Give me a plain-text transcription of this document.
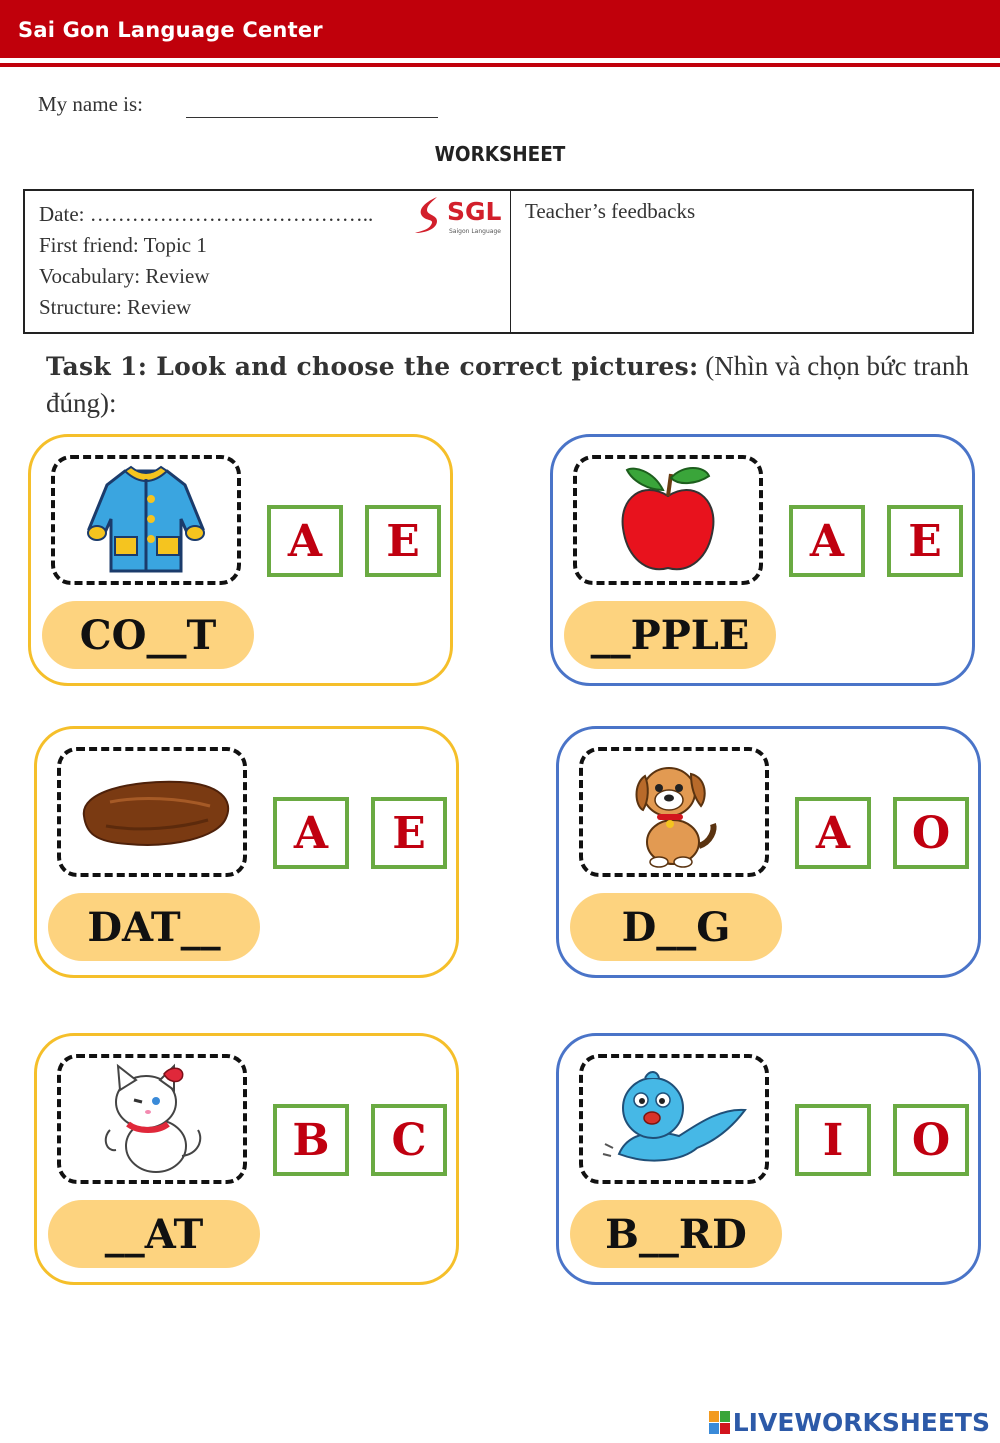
Sai Gon Language Center
My name is:
WORKSHEET
Date: …………………………………..
First friend: Topic 1
Vocabulary: Review
Structure: Review
SGL
Saigon Language
Teacher’s feedbacks
Task 1: Look and choose the correct pictures: (Nhìn và chọn bức tranh đúng):
A	E
CO__T
A	E
__PPLE
A	E
DAT__
A	O
D__G
B	C
__AT
I	O
B__RD
LIVEWORKSHEETS
